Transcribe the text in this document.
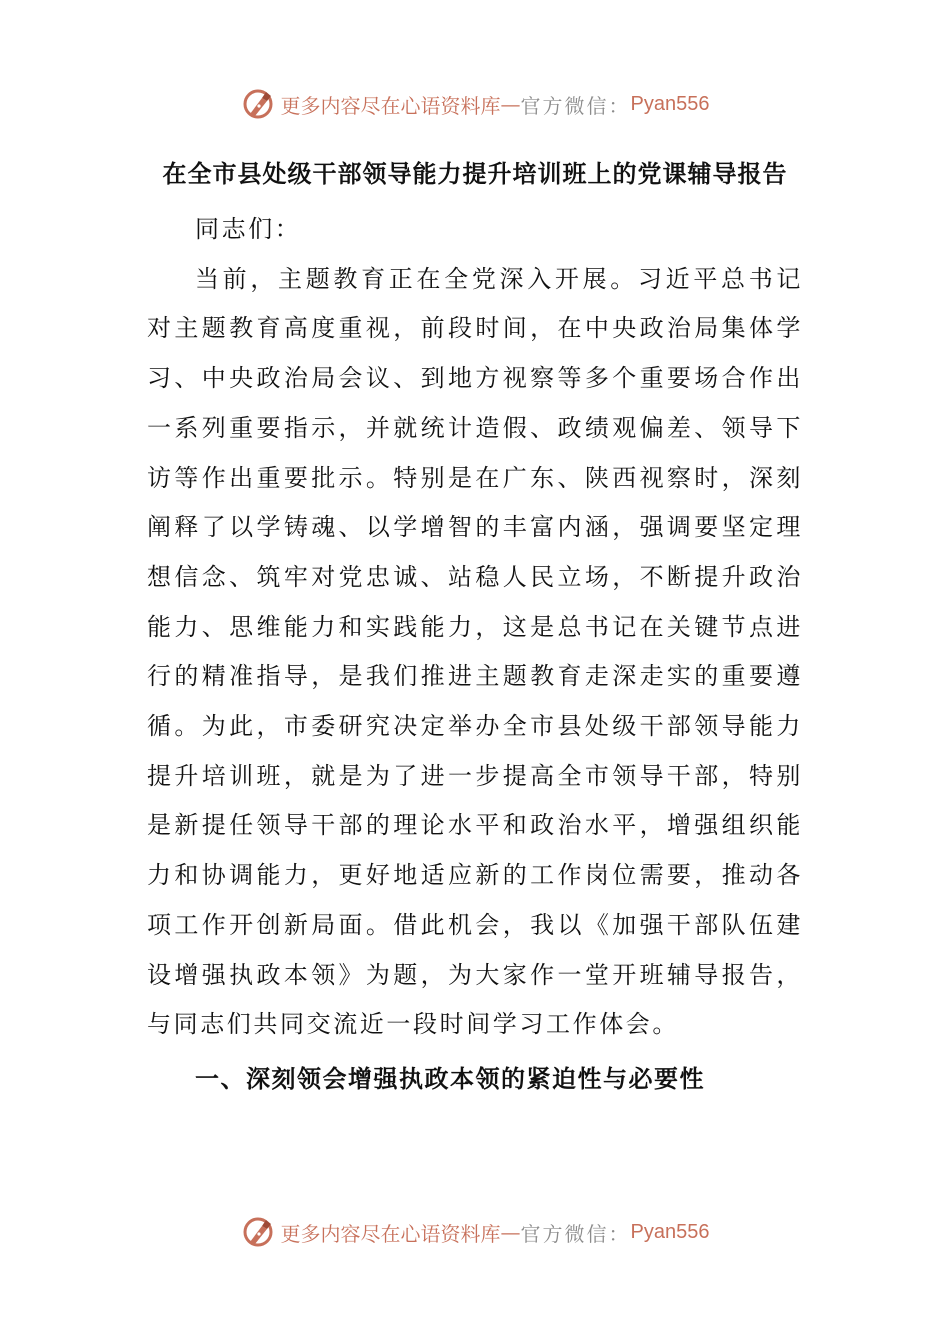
更多内容尽在心语资料库 — 官方微信： Pyan556
在全市县处级干部领导能力提升培训班上的党课辅导报告

同志们：

当前，主题教育正在全党深入开展。习近平总书记对主题教育高度重视，前段时间，在中央政治局集体学习、中央政治局会议、到地方视察等多个重要场合作出一系列重要指示，并就统计造假、政绩观偏差、领导下访等作出重要批示。特别是在广东、陕西视察时，深刻阐释了以学铸魂、以学增智的丰富内涵，强调要坚定理想信念、筑牢对党忠诚、站稳人民立场，不断提升政治能力、思维能力和实践能力，这是总书记在关键节点进行的精准指导，是我们推进主题教育走深走实的重要遵循。为此，市委研究决定举办全市县处级干部领导能力提升培训班，就是为了进一步提高全市领导干部，特别是新提任领导干部的理论水平和政治水平，增强组织能力和协调能力，更好地适应新的工作岗位需要，推动各项工作开创新局面。借此机会，我以《加强干部队伍建设增强执政本领》为题，为大家作一堂开班辅导报告，与同志们共同交流近一段时间学习工作体会。

一、深刻领会增强执政本领的紧迫性与必要性
更多内容尽在心语资料库 — 官方微信： Pyan556
